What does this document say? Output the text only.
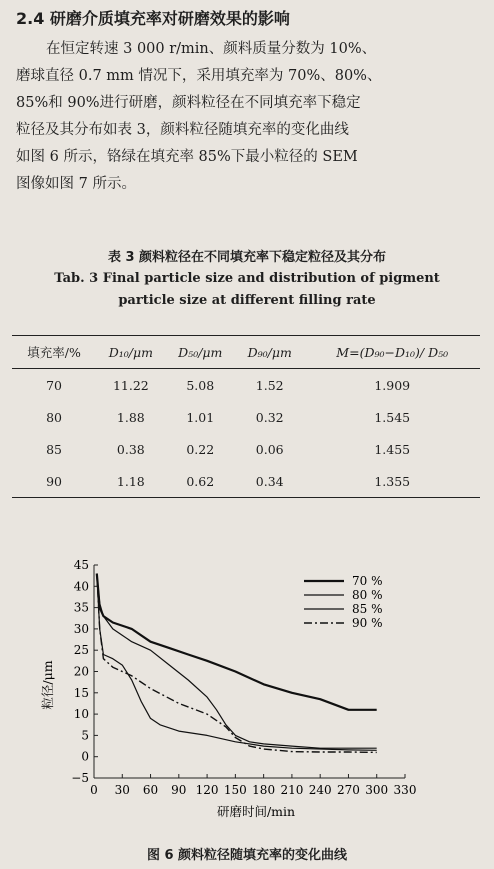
2.4 研磨介质填充率对研磨效果的影响

在恒定转速 3 000 r/min、颜料质量分数为 10%、
磨球直径 0.7 mm 情况下，采用填充率为 70%、80%、
85%和 90%进行研磨，颜料粒径在不同填充率下稳定
粒径及其分布如表 3，颜料粒径随填充率的变化曲线
如图 6 所示，铬绿在填充率 85%下最小粒径的 SEM
图像如图 7 所示。

表 3 颜料粒径在不同填充率下稳定粒径及其分布
Tab. 3 Final particle size and distribution of pigment
particle size at different filling rate
填充率/%	D₁₀/μm	D₅₀/μm	D₉₀/μm	M=(D₉₀−D₁₀)/ D₅₀
70	11.22	5.08	1.52	1.909
80	1.88	1.01	0.32	1.545
85	0.38	0.22	0.06	1.455
90	1.18	0.62	0.34	1.355
0 30 60 90 120 150 180 210 240 270 300 330
−5
0
5
10
15
20
25
30
35
40
45
70 %
80 %
85 %
90 %
研磨时间/min
粒径/μm
图 6 颜料粒径随填充率的变化曲线
